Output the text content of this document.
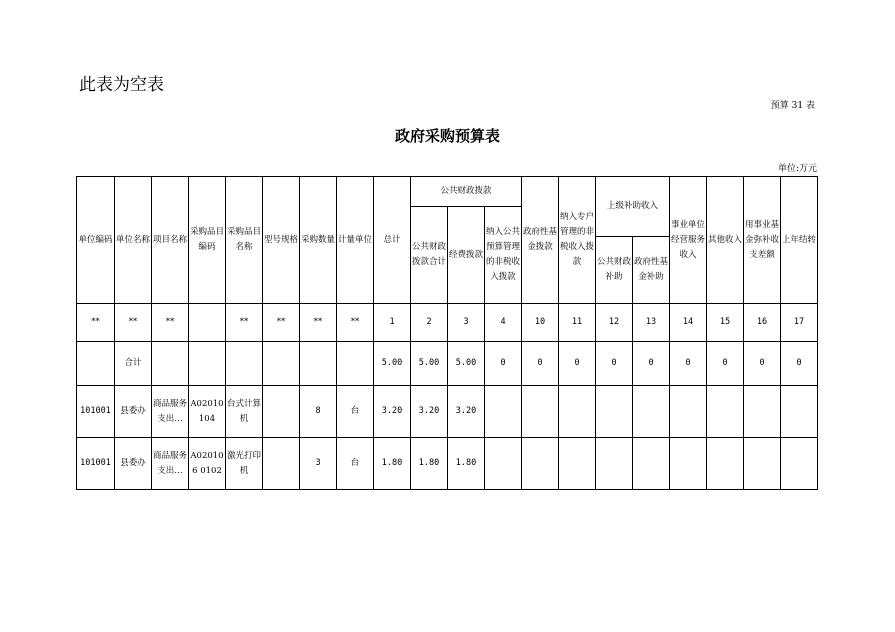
此表为空表
预算 31 表
政府采购预算表
单位:万元
单位编码	单位名称	项目名称	采购品目编码	采购品目名称	型号规格	采购数量	计量单位	总计	公共财政拨款			政府性基金拨款	纳入专户管理的非税收入拨款	上级补助收入		事业单位经营服务收入	其他收入	用事业基金弥补收支差额	上年结转
									公共财政拨款合计	经费拨款	纳入公共预算管理的非税收入拨款								
														公共财政补助	政府性基金补助				

**	**	**		**	**	**	**	1	2	3	4	10	11	12	13	14	15	16	17
	合计							5.00	5.00	5.00	0	0	0	0	0	0	0	0	0
101001	县委办	商品服务支出…	A02010104	台式计算机		8	台	3.20	3.20	3.20									
101001	县委办	商品服务支出…	A020106 0102	激光打印机		3	台	1.80	1.80	1.80									
